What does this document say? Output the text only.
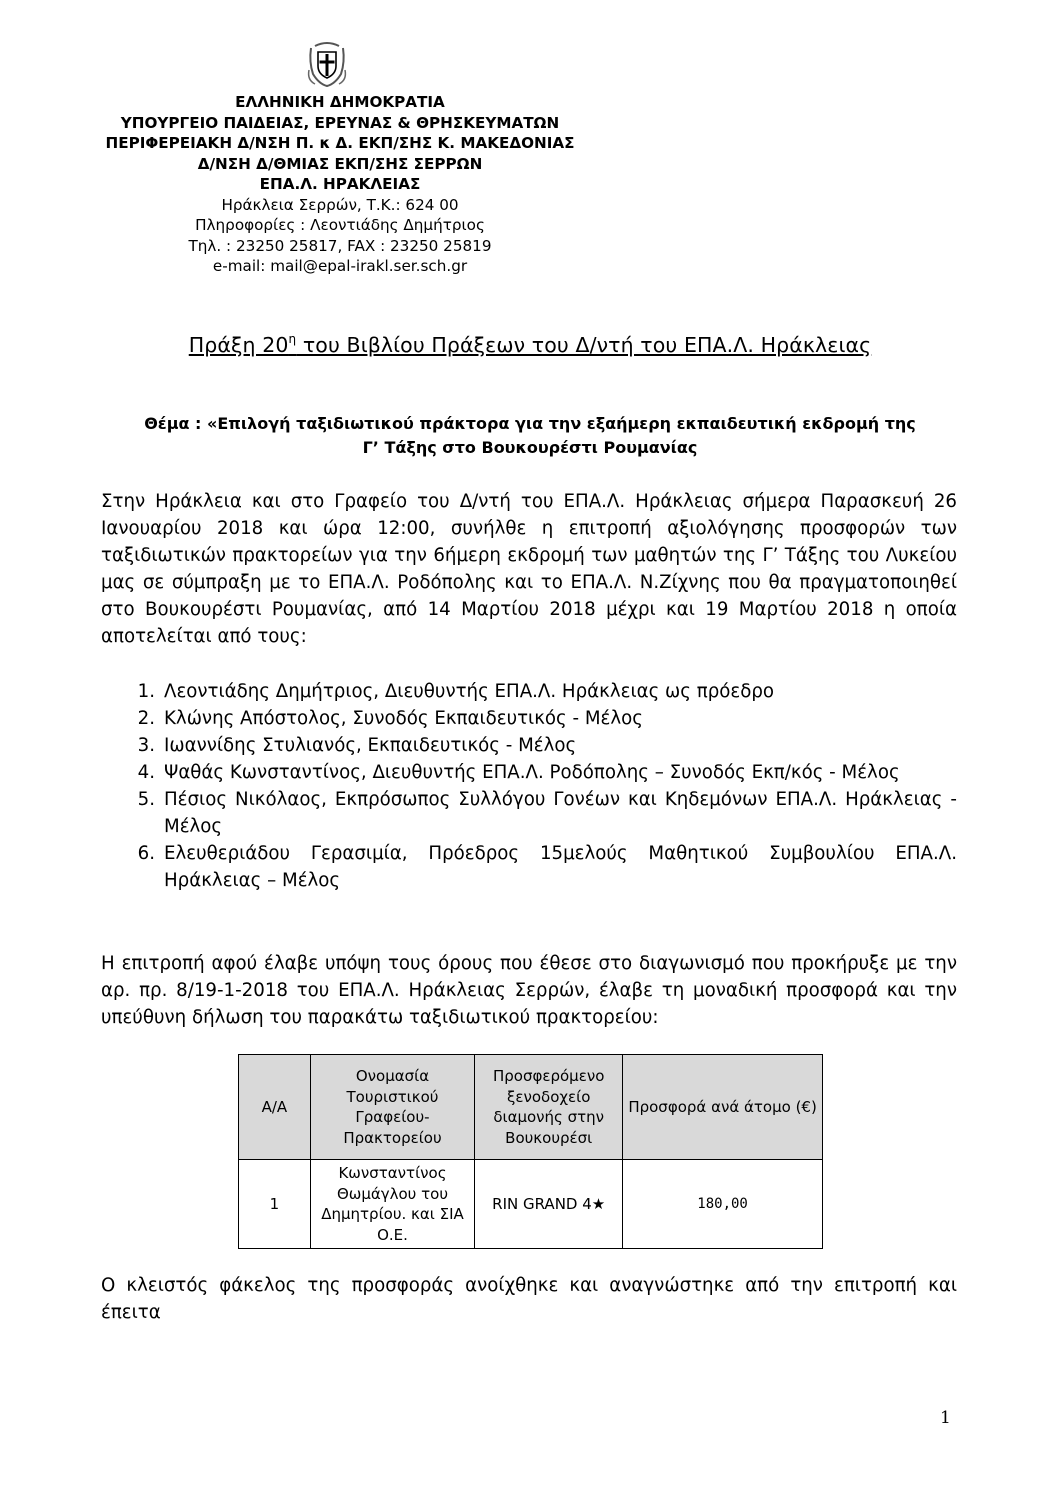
ΕΛΛΗΝΙΚΗ ΔΗΜΟΚΡΑΤΙΑ
ΥΠΟΥΡΓΕΙΟ ΠΑΙΔΕΙΑΣ, ΕΡΕΥΝΑΣ & ΘΡΗΣΚΕΥΜΑΤΩΝ
ΠΕΡΙΦΕΡΕΙΑΚΗ Δ/ΝΣΗ Π. κ Δ. ΕΚΠ/ΣΗΣ Κ. ΜΑΚΕΔΟΝΙΑΣ
Δ/ΝΣΗ Δ/ΘΜΙΑΣ ΕΚΠ/ΣΗΣ ΣΕΡΡΩΝ
ΕΠΑ.Λ. ΗΡΑΚΛΕΙΑΣ
Ηράκλεια Σερρών, Τ.Κ.: 624 00
Πληροφορίες : Λεοντιάδης Δημήτριος
Τηλ. : 23250 25817, FAX : 23250 25819
e-mail: mail@epal-irakl.ser.sch.gr
Πράξη $20^\eta$ του Βιβλίου Πράξεων του Δ/ντή του ΕΠΑ.Λ. Ηράκλειας
Θέμα : «Επιλογή ταξιδιωτικού πράκτορα για την εξαήμερη εκπαιδευτική εκδρομή της
Γ’ Τάξης στο Βουκουρέστι Ρουμανίας
Στην Ηράκλεια και στο Γραφείο του Δ/ντή του ΕΠΑ.Λ. Ηράκλειας σήμερα Παρασκευή 26 Ιανουαρίου 2018 και ώρα 12:00, συνήλθε η επιτροπή αξιολόγησης προσφορών των ταξιδιωτικών πρακτορείων για την 6ήμερη εκδρομή των μαθητών της Γ’ Τάξης του Λυκείου μας σε σύμπραξη με το ΕΠΑ.Λ. Ροδόπολης και το ΕΠΑ.Λ. Ν.Ζίχνης που θα πραγματοποιηθεί στο Βουκουρέστι Ρουμανίας, από 14 Μαρτίου 2018 μέχρι και 19 Μαρτίου 2018 η οποία αποτελείται από τους:
1. Λεοντιάδης Δημήτριος, Διευθυντής ΕΠΑ.Λ. Ηράκλειας ως πρόεδρο
2. Κλώνης Απόστολος, Συνοδός Εκπαιδευτικός - Μέλος
3. Ιωαννίδης Στυλιανός, Εκπαιδευτικός - Μέλος
4. Ψαθάς Κωνσταντίνος, Διευθυντής ΕΠΑ.Λ. Ροδόπολης – Συνοδός Εκπ/κός - Μέλος
5. Πέσιος Νικόλαος, Εκπρόσωπος Συλλόγου Γονέων και Κηδεμόνων ΕΠΑ.Λ. Ηράκλειας - Μέλος
6. Ελευθεριάδου Γερασιμία, Πρόεδρος 15μελούς Μαθητικού Συμβουλίου ΕΠΑ.Λ. Ηράκλειας – Μέλος
Η επιτροπή αφού έλαβε υπόψη τους όρους που έθεσε στο διαγωνισμό που προκήρυξε με την αρ. πρ. 8/19-1-2018 του ΕΠΑ.Λ. Ηράκλειας Σερρών, έλαβε τη μοναδική προσφορά και την υπεύθυνη δήλωση του παρακάτω ταξιδιωτικού πρακτορείου:
Α/Α	Ονομασία Τουριστικού Γραφείου- Πρακτορείου	Προσφερόμενο ξενοδοχείο διαμονής στην Βουκουρέσι	Προσφορά ανά άτομο (€)
1	Κωνσταντίνος Θωμάγλου του Δημητρίου. και ΣΙΑ Ο.Ε.	RIN GRAND 4★	180,00
Ο κλειστός φάκελος της προσφοράς ανοίχθηκε και αναγνώστηκε από την επιτροπή και έπειτα
1
